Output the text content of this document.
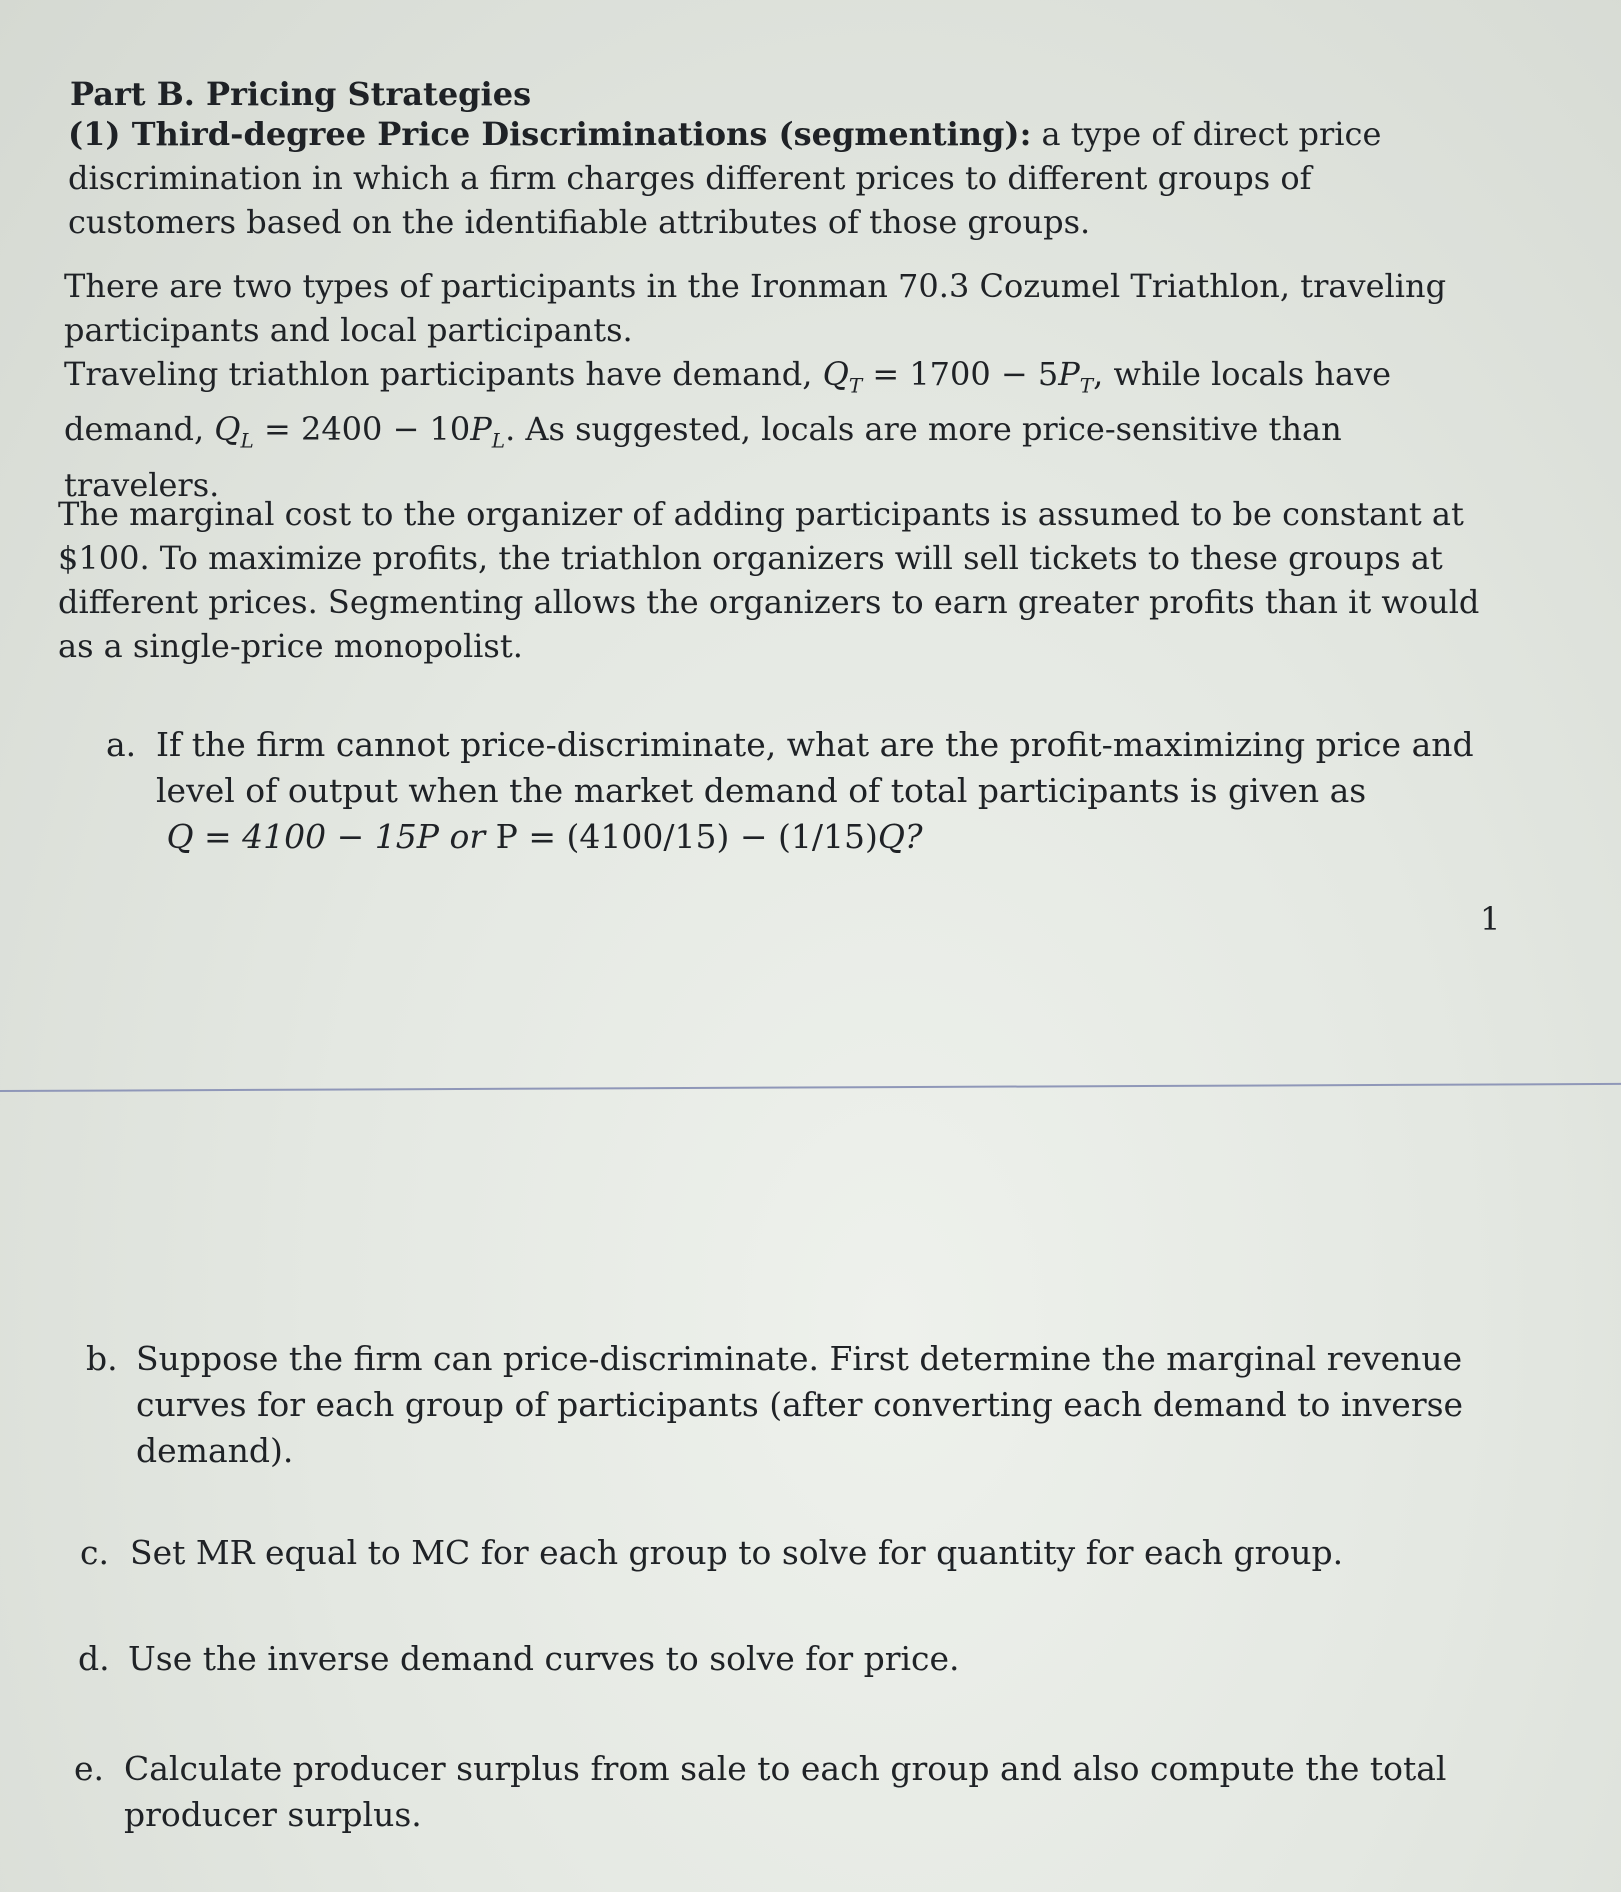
Part B. Pricing Strategies

(1) Third-degree Price Discriminations (segmenting): a type of direct price discrimination in which a firm charges different prices to different groups of customers based on the identifiable attributes of those groups.

There are two types of participants in the Ironman 70.3 Cozumel Triathlon, traveling participants and local participants.
Traveling triathlon participants have demand, $Q_T = 1700 - 5P_T$, while locals have demand, $Q_L = 2400 - 10P_L$. As suggested, locals are more price-sensitive than travelers.

The marginal cost to the organizer of adding participants is assumed to be constant at $100. To maximize profits, the triathlon organizers will sell tickets to these groups at different prices. Segmenting allows the organizers to earn greater profits than it would as a single-price monopolist.

a. If the firm cannot price-discriminate, what are the profit-maximizing price and level of output when the market demand of total participants is given as
Q = 4100 − 15P or P = (4100/15) − (1/15)Q?
1
b. Suppose the firm can price-discriminate. First determine the marginal revenue curves for each group of participants (after converting each demand to inverse demand).
c. Set MR equal to MC for each group to solve for quantity for each group.
d. Use the inverse demand curves to solve for price.
e. Calculate producer surplus from sale to each group and also compute the total producer surplus.
